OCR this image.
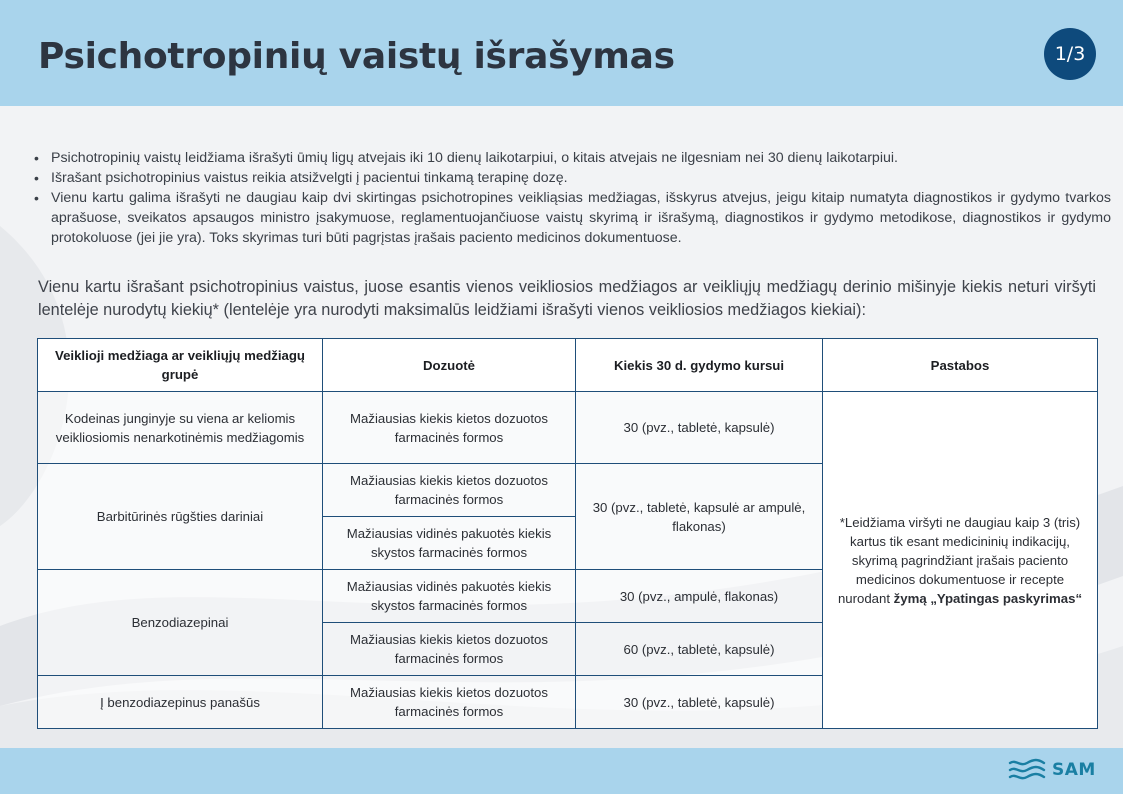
Psichotropinių vaistų išrašymas	1/3
• Psichotropinių vaistų leidžiama išrašyti ūmių ligų atvejais iki 10 dienų laikotarpiui, o kitais atvejais ne ilgesniam nei 30 dienų laikotarpiui.
• Išrašant psichotropinius vaistus reikia atsižvelgti į pacientui tinkamą terapinę dozę.
• Vienu kartu galima išrašyti ne daugiau kaip dvi skirtingas psichotropines veikliąsias medžiagas, išskyrus atvejus, jeigu kitaip numatyta diagnostikos ir gydymo tvarkos aprašuose, sveikatos apsaugos ministro įsakymuose, reglamentuojančiuose vaistų skyrimą ir išrašymą, diagnostikos ir gydymo metodikose, diagnostikos ir gydymo protokoluose (jei jie yra). Toks skyrimas turi būti pagrįstas įrašais paciento medicinos dokumentuose.

Vienu kartu išrašant psichotropinius vaistus, juose esantis vienos veikliosios medžiagos ar veikliųjų medžiagų derinio mišinyje kiekis neturi viršyti lentelėje nurodytų kiekių* (lentelėje yra nurodyti maksimalūs leidžiami išrašyti vienos veikliosios medžiagos kiekiai):

Veiklioji medžiaga ar veikliųjų medžiagų grupė	Dozuotė	Kiekis 30 d. gydymo kursui	Pastabos
Kodeinas junginyje su viena ar keliomis veikliosiomis nenarkotinėmis medžiagomis	Mažiausias kiekis kietos dozuotos farmacinės formos	30 (pvz., tabletė, kapsulė)	*Leidžiama viršyti ne daugiau kaip 3 (tris) kartus tik esant medicininių indikacijų, skyrimą pagrindžiant įrašais paciento medicinos dokumentuose ir recepte nurodant žymą „Ypatingas paskyrimas“
Barbitūrinės rūgšties dariniai	Mažiausias kiekis kietos dozuotos farmacinės formos	30 (pvz., tabletė, kapsulė ar ampulė, flakonas)	
	Mažiausias vidinės pakuotės kiekis skystos farmacinės formos		
Benzodiazepinai	Mažiausias vidinės pakuotės kiekis skystos farmacinės formos	30 (pvz., ampulė, flakonas)	
	Mažiausias kiekis kietos dozuotos farmacinės formos	60 (pvz., tabletė, kapsulė)	
Į benzodiazepinus panašūs	Mažiausias kiekis kietos dozuotos farmacinės formos	30 (pvz., tabletė, kapsulė)	
SAM
